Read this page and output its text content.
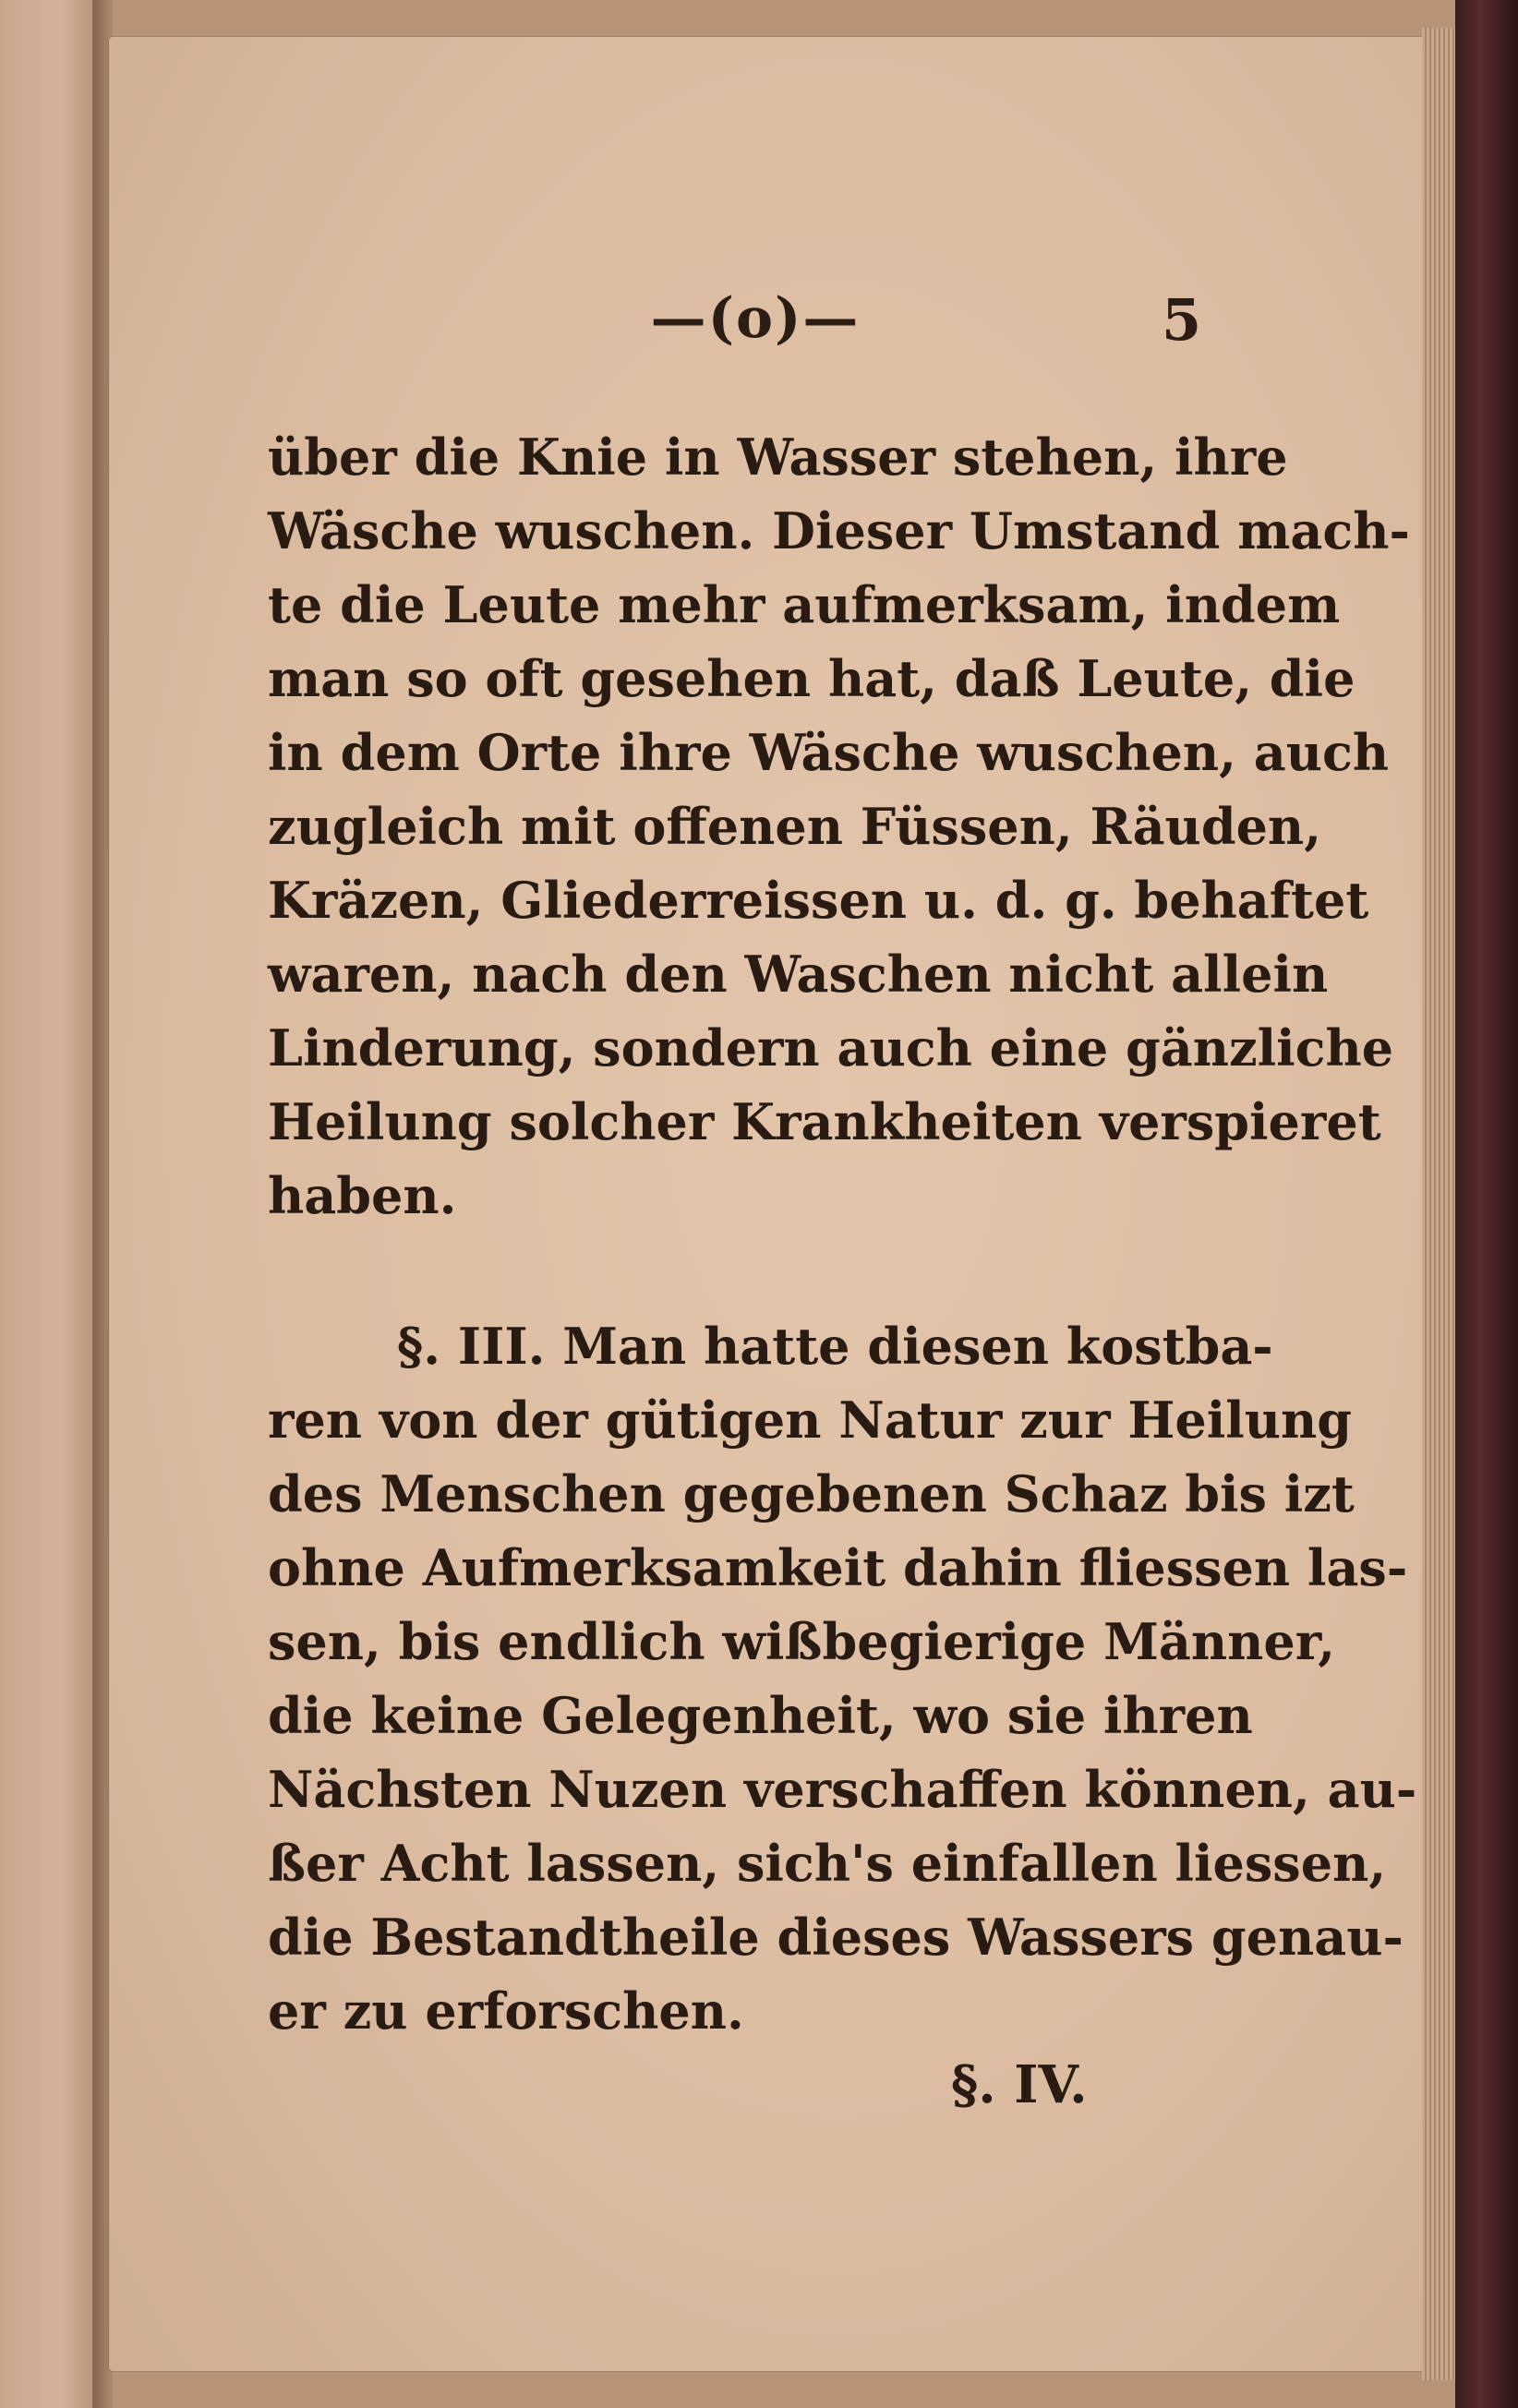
—(o)—	5
über die Knie in Wasser stehen, ihre
Wäsche wuschen. Dieser Umstand mach-
te die Leute mehr aufmerksam, indem
man so oft gesehen hat, daß Leute, die
in dem Orte ihre Wäsche wuschen, auch
zugleich mit offenen Füssen, Räuden,
Kräzen, Gliederreissen u. d. g. behaftet
waren, nach den Waschen nicht allein
Linderung, sondern auch eine gänzliche
Heilung solcher Krankheiten verspieret
haben.
§. III. Man hatte diesen kostba-
ren von der gütigen Natur zur Heilung
des Menschen gegebenen Schaz bis izt
ohne Aufmerksamkeit dahin fliessen las-
sen, bis endlich wißbegierige Männer,
die keine Gelegenheit, wo sie ihren
Nächsten Nuzen verschaffen können, au-
ßer Acht lassen, sich's einfallen liessen,
die Bestandtheile dieses Wassers genau-
er zu erforschen.
§. IV.
